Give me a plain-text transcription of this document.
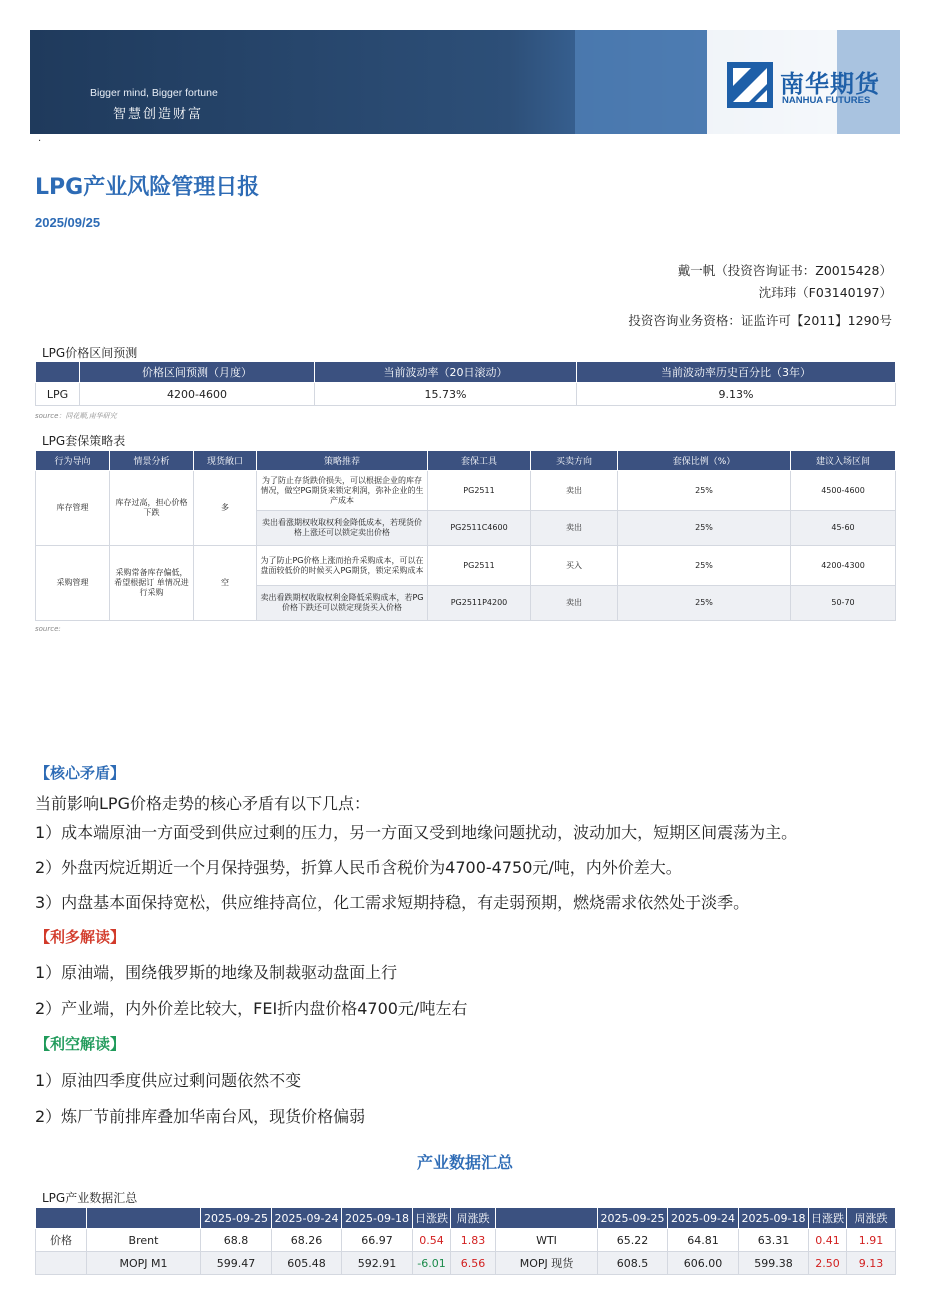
Bigger mind, Bigger fortune
智慧创造财富
南华期货
NANHUA FUTURES
·
LPG产业风险管理日报
2025/09/25
戴一帆（投资咨询证书：Z0015428）
沈玮玮（F03140197）
投资咨询业务资格：证监许可【2011】1290号
LPG价格区间预测
	价格区间预测（月度）	当前波动率（20日滚动）	当前波动率历史百分比（3年）
LPG	4200-4600	15.73%	9.13%
source：同花顺,南华研究
LPG套保策略表
行为导向	情景分析	现货敞口	策略推荐	套保工具	买卖方向	套保比例（%）	建议入场区间
库存管理	库存过高，担心价格下跌	多	为了防止存货跌价损失，可以根据企业的库存情况，做空PG期货来锁定利润，弥补企业的生产成本	PG2511	卖出	25%	4500-4600
			卖出看涨期权收取权利金降低成本，若现货价格上涨还可以锁定卖出价格	PG2511C4600	卖出	25%	45-60
采购管理	采购常备库存偏低，希望根据订 单情况进行采购	空	为了防止PG价格上涨而抬升采购成本，可以在盘面较低价的时候买入PG期货，锁定采购成本	PG2511	买入	25%	4200-4300
			卖出看跌期权收取权利金降低采购成本，若PG价格下跌还可以锁定现货买入价格	PG2511P4200	卖出	25%	50-70
source:
【核心矛盾】
当前影响LPG价格走势的核心矛盾有以下几点：
1）成本端原油一方面受到供应过剩的压力，另一方面又受到地缘问题扰动，波动加大，短期区间震荡为主。
2）外盘丙烷近期近一个月保持强势，折算人民币含税价为4700-4750元/吨，内外价差大。
3）内盘基本面保持宽松，供应维持高位，化工需求短期持稳，有走弱预期，燃烧需求依然处于淡季。
【利多解读】
1）原油端，围绕俄罗斯的地缘及制裁驱动盘面上行
2）产业端，内外价差比较大，FEI折内盘价格4700元/吨左右
【利空解读】
1）原油四季度供应过剩问题依然不变
2）炼厂节前排库叠加华南台风，现货价格偏弱
产业数据汇总
LPG产业数据汇总
		2025-09-25	2025-09-24	2025-09-18	日涨跌	周涨跌		2025-09-25	2025-09-24	2025-09-18	日涨跌	周涨跌
价格	Brent	68.8	68.26	66.97	0.54	1.83	WTI	65.22	64.81	63.31	0.41	1.91
	MOPJ M1	599.47	605.48	592.91	-6.01	6.56	MOPJ 现货	608.5	606.00	599.38	2.50	9.13
